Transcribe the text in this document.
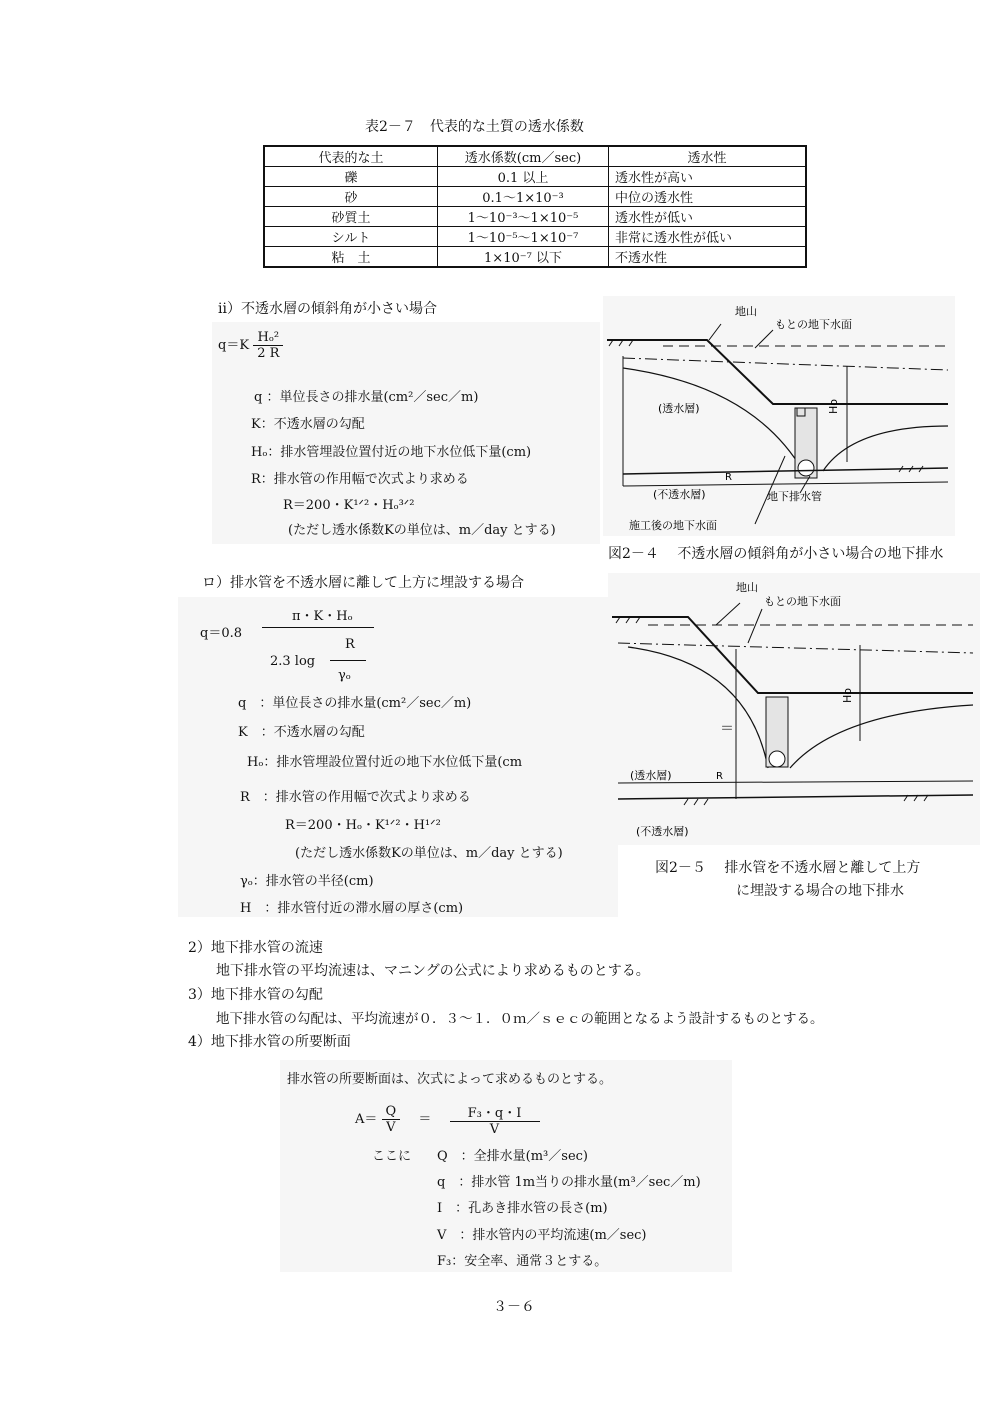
表2－７　代表的な土質の透水係数
代表的な土	透水係数(cm／sec)	透水性
礫	0.1 以上	透水性が高い
砂	0.1～1×10⁻³	中位の透水性
砂質土	1～10⁻³～1×10⁻⁵	透水性が低い
シルト	1～10⁻⁵～1×10⁻⁷	非常に透水性が低い
粘　土	1×10⁻⁷ 以下	不透水性
ⅱ）不透水層の傾斜角が小さい場合
$q=K \frac{\text{Hₒ²}}{2 R}$
q ：単位長さの排水量(cm²／sec／m)
K：不透水層の勾配
Hₒ：排水管埋設位置付近の地下水位低下量(cm)
R：排水管の作用幅で次式より求める
R＝200・K¹ᐟ²・Hₒ³ᐟ²
(ただし透水係数Kの単位は、m／day とする)
地山
もとの地下水面
(透水層)	Ho
R
(不透水層)	地下排水管
施工後の地下水面
図2－４　 不透水層の傾斜角が小さい場合の地下排水
ロ）排水管を不透水層に離して上方に埋設する場合
q＝0.8
π・K・Hₒ
R
2.3 log
γₒ
q　：単位長さの排水量(cm²／sec／m)
K　：不透水層の勾配
Hₒ：排水管埋設位置付近の地下水位低下量(cm
R　：排水管の作用幅で次式より求める
R＝200・Hₒ・K¹ᐟ²・H¹ᐟ²
(ただし透水係数Kの単位は、m／day とする)
γₒ：排水管の半径(cm)
H　：排水管付近の滞水層の厚さ(cm)
地山
もとの地下水面
Ho
＝
(透水層)	R
(不透水層)
図2－５　 排水管を不透水層と離して上方
に埋設する場合の地下排水
2）地下排水管の流速
地下排水管の平均流速は、マニングの公式により求めるものとする。
3）地下排水管の勾配
地下排水管の勾配は、平均流速が０．３～１．０ｍ／ｓｅｃの範囲となるよう設計するものとする。
4）地下排水管の所要断面
排水管の所要断面は、次式によって求めるものとする。
$A= \frac{Q}{V} = \frac{\text{F₃・q・I}}{V}$
ここに Q　：全排水量(m³／sec)
q　：排水管 1m当りの排水量(m³／sec／m)
I　：孔あき排水管の長さ(m)
V　：排水管内の平均流速(m／sec)
F₃：安全率、通常３とする。
３－６
